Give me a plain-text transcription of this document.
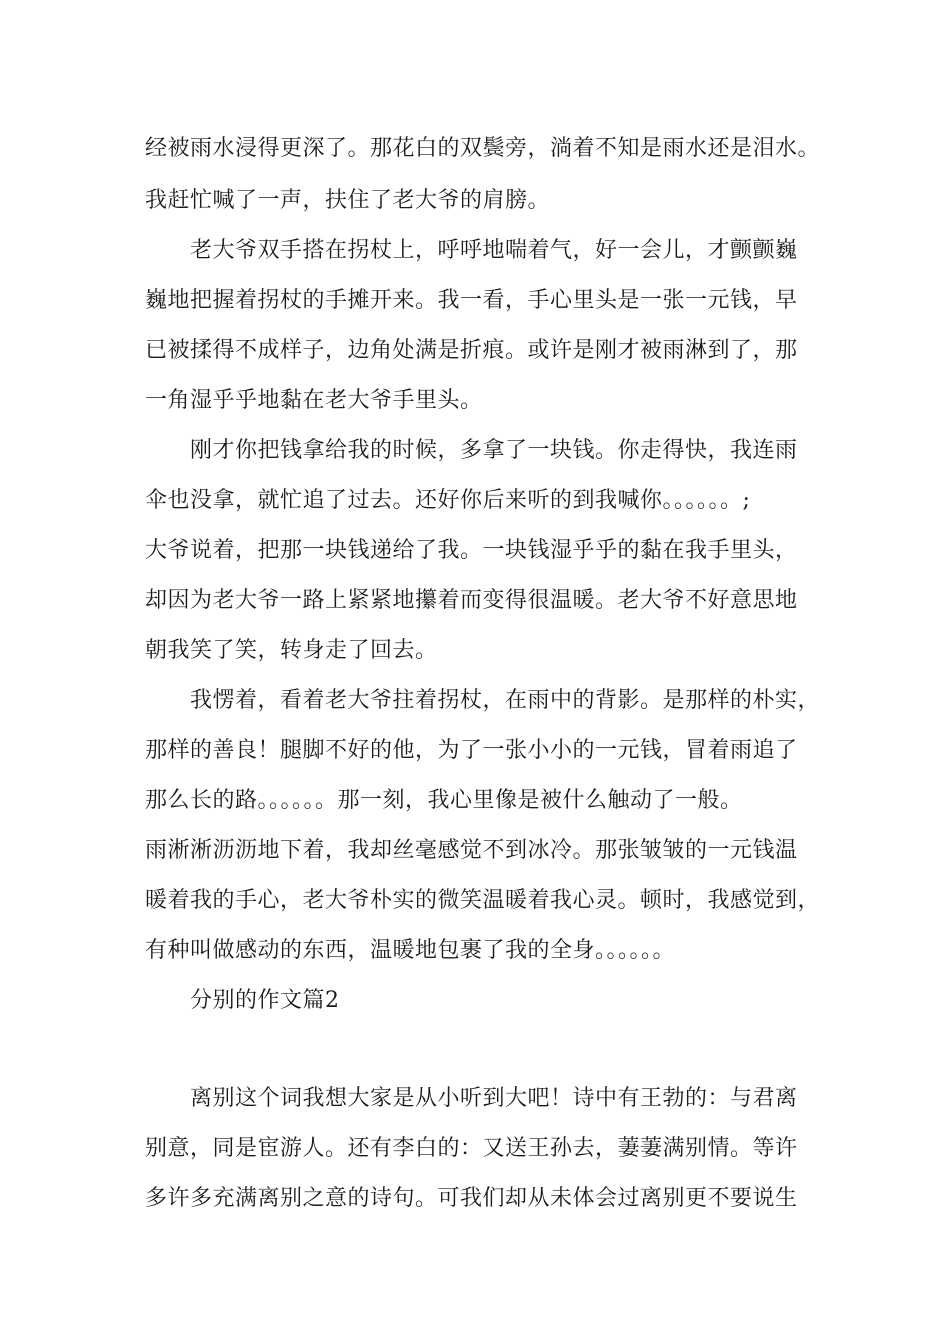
经被雨水浸得更深了。那花白的双鬓旁，淌着不知是雨水还是泪水。
我赶忙喊了一声，扶住了老大爷的肩膀。
老大爷双手搭在拐杖上，呼呼地喘着气，好一会儿，才颤颤巍
巍地把握着拐杖的手摊开来。我一看，手心里头是一张一元钱，早
已被揉得不成样子，边角处满是折痕。或许是刚才被雨淋到了，那
一角湿乎乎地黏在老大爷手里头。
刚才你把钱拿给我的时候，多拿了一块钱。你走得快，我连雨
伞也没拿，就忙追了过去。还好你后来听的到我喊你。。。。。。;
大爷说着，把那一块钱递给了我。一块钱湿乎乎的黏在我手里头，
却因为老大爷一路上紧紧地攥着而变得很温暖。老大爷不好意思地
朝我笑了笑，转身走了回去。
我愣着，看着老大爷拄着拐杖，在雨中的背影。是那样的朴实，
那样的善良！腿脚不好的他，为了一张小小的一元钱，冒着雨追了
那么长的路。。。。。。那一刻，我心里像是被什么触动了一般。
雨淅淅沥沥地下着，我却丝毫感觉不到冰冷。那张皱皱的一元钱温
暖着我的手心，老大爷朴实的微笑温暖着我心灵。顿时，我感觉到，
有种叫做感动的东西，温暖地包裹了我的全身。。。。。。
分别的作文篇2
离别这个词我想大家是从小听到大吧！诗中有王勃的：与君离
别意，同是宦游人。还有李白的：又送王孙去，萋萋满别情。等许
多许多充满离别之意的诗句。可我们却从未体会过离别更不要说生
